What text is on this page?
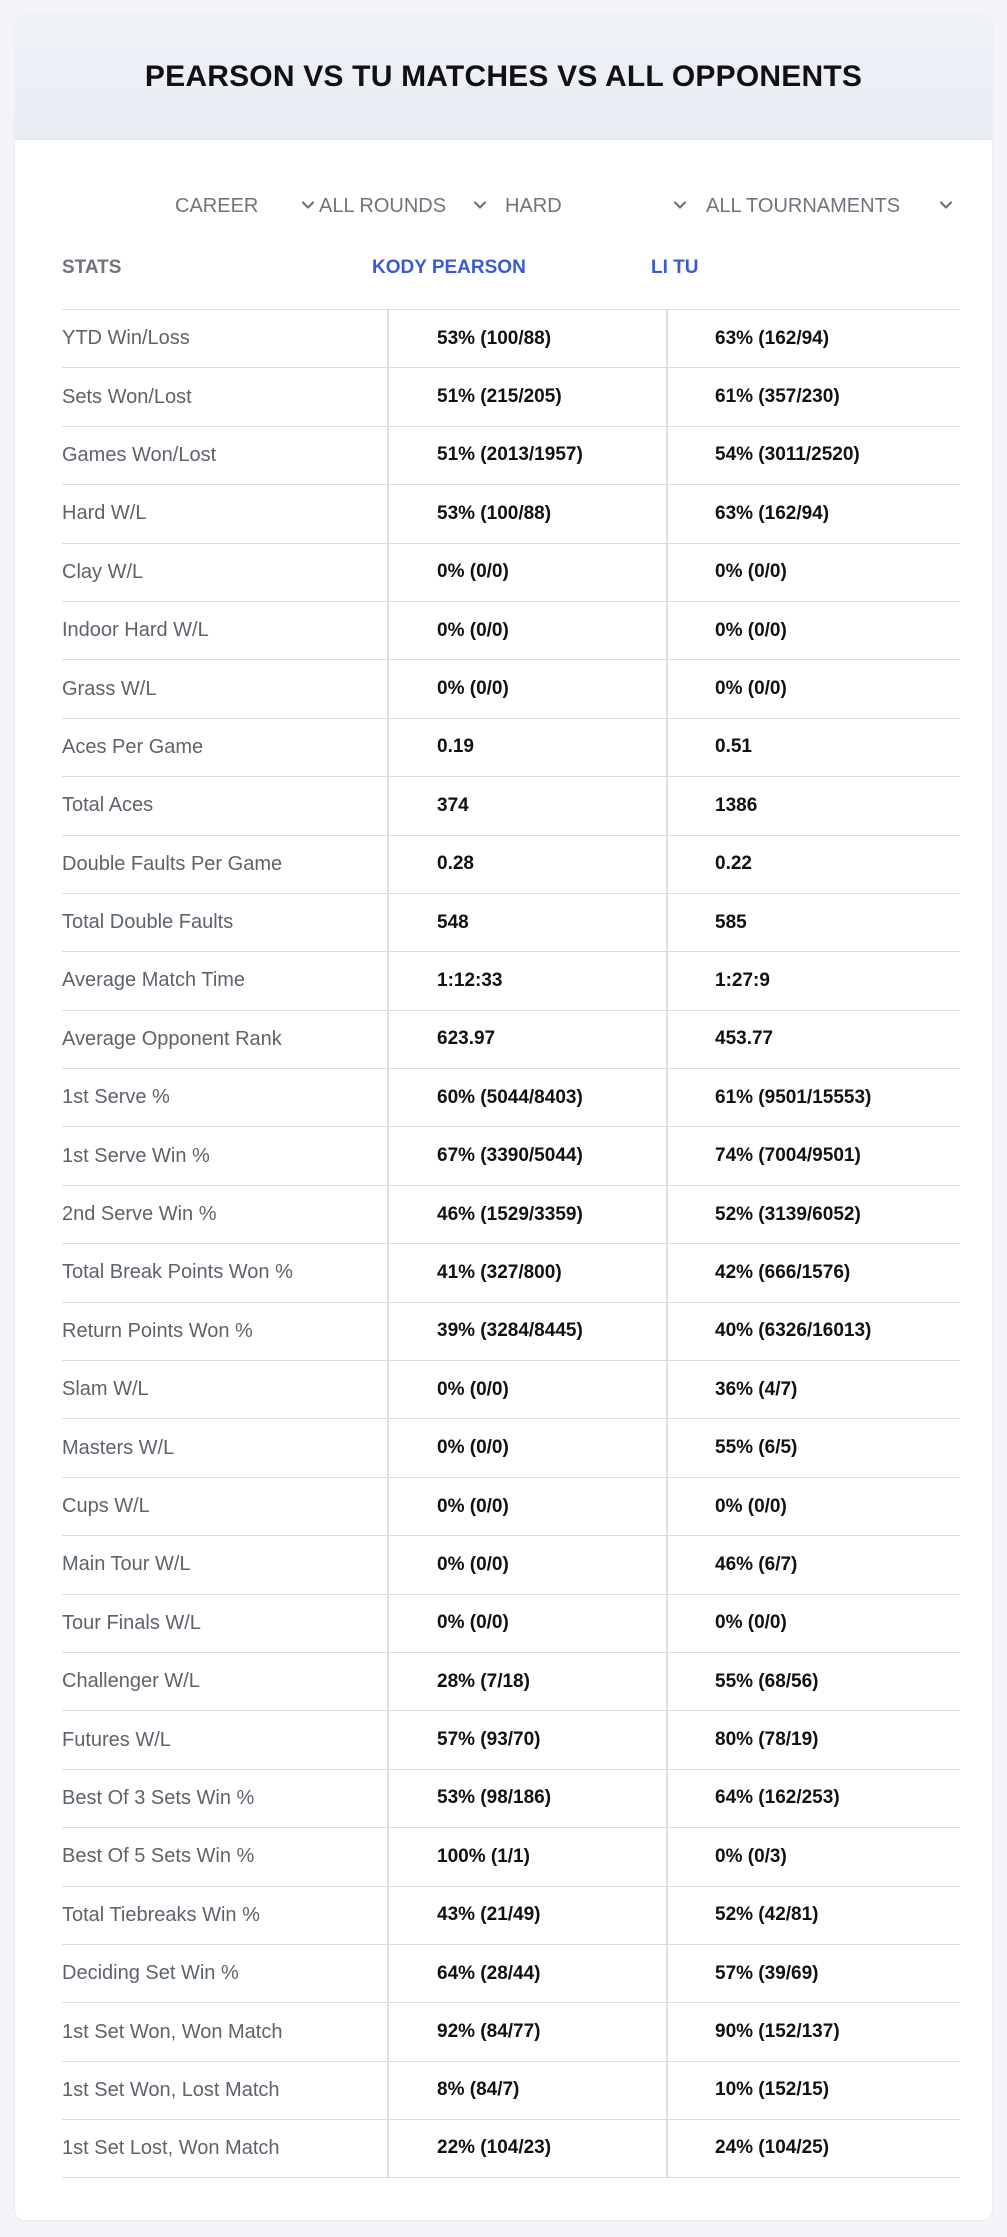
PEARSON VS TU MATCHES VS ALL OPPONENTS
CAREER	ALL ROUNDS	HARD	ALL TOURNAMENTS
STATS	KODY PEARSON	LI TU
YTD Win/Loss	53% (100/88)	63% (162/94)
Sets Won/Lost	51% (215/205)	61% (357/230)
Games Won/Lost	51% (2013/1957)	54% (3011/2520)
Hard W/L	53% (100/88)	63% (162/94)
Clay W/L	0% (0/0)	0% (0/0)
Indoor Hard W/L	0% (0/0)	0% (0/0)
Grass W/L	0% (0/0)	0% (0/0)
Aces Per Game	0.19	0.51
Total Aces	374	1386
Double Faults Per Game	0.28	0.22
Total Double Faults	548	585
Average Match Time	1:12:33	1:27:9
Average Opponent Rank	623.97	453.77
1st Serve %	60% (5044/8403)	61% (9501/15553)
1st Serve Win %	67% (3390/5044)	74% (7004/9501)
2nd Serve Win %	46% (1529/3359)	52% (3139/6052)
Total Break Points Won %	41% (327/800)	42% (666/1576)
Return Points Won %	39% (3284/8445)	40% (6326/16013)
Slam W/L	0% (0/0)	36% (4/7)
Masters W/L	0% (0/0)	55% (6/5)
Cups W/L	0% (0/0)	0% (0/0)
Main Tour W/L	0% (0/0)	46% (6/7)
Tour Finals W/L	0% (0/0)	0% (0/0)
Challenger W/L	28% (7/18)	55% (68/56)
Futures W/L	57% (93/70)	80% (78/19)
Best Of 3 Sets Win %	53% (98/186)	64% (162/253)
Best Of 5 Sets Win %	100% (1/1)	0% (0/3)
Total Tiebreaks Win %	43% (21/49)	52% (42/81)
Deciding Set Win %	64% (28/44)	57% (39/69)
1st Set Won, Won Match	92% (84/77)	90% (152/137)
1st Set Won, Lost Match	8% (84/7)	10% (152/15)
1st Set Lost, Won Match	22% (104/23)	24% (104/25)
